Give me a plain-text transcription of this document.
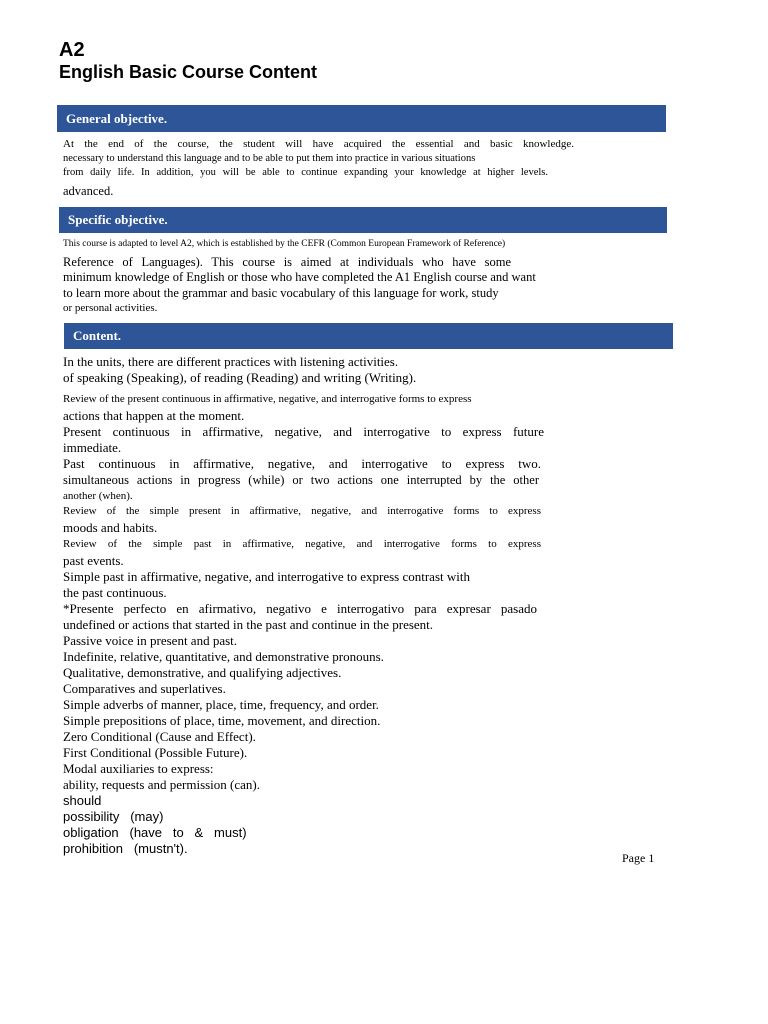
A2
English Basic Course Content
General objective.
At the end of the course, the student will have acquired the essential and basic knowledge.
necessary to understand this language and to be able to put them into practice in various situations
from daily life. In addition, you will be able to continue expanding your knowledge at higher levels.
advanced.
Specific objective.
This course is adapted to level A2, which is established by the CEFR (Common European Framework of Reference)
Reference of Languages). This course is aimed at individuals who have some
minimum knowledge of English or those who have completed the A1 English course and want
to learn more about the grammar and basic vocabulary of this language for work, study
or personal activities.
Content.
In the units, there are different practices with listening activities.
of speaking (Speaking), of reading (Reading) and writing (Writing).
Review of the present continuous in affirmative, negative, and interrogative forms to express
actions that happen at the moment.
Present continuous in affirmative, negative, and interrogative to express future
immediate.
Past continuous in affirmative, negative, and interrogative to express two.
simultaneous actions in progress (while) or two actions one interrupted by the other
another (when).
Review of the simple present in affirmative, negative, and interrogative forms to express
moods and habits.
Review of the simple past in affirmative, negative, and interrogative forms to express
past events.
Simple past in affirmative, negative, and interrogative to express contrast with
the past continuous.
*Presente perfecto en afirmativo, negativo e interrogativo para expresar pasado
undefined or actions that started in the past and continue in the present.
Passive voice in present and past.
Indefinite, relative, quantitative, and demonstrative pronouns.
Qualitative, demonstrative, and qualifying adjectives.
Comparatives and superlatives.
Simple adverbs of manner, place, time, frequency, and order.
Simple prepositions of place, time, movement, and direction.
Zero Conditional (Cause and Effect).
First Conditional (Possible Future).
Modal auxiliaries to express:
ability, requests and permission (can).
should
possibility   (may)
obligation   (have   to   &   must)
prohibition   (mustn't).
Page 1
